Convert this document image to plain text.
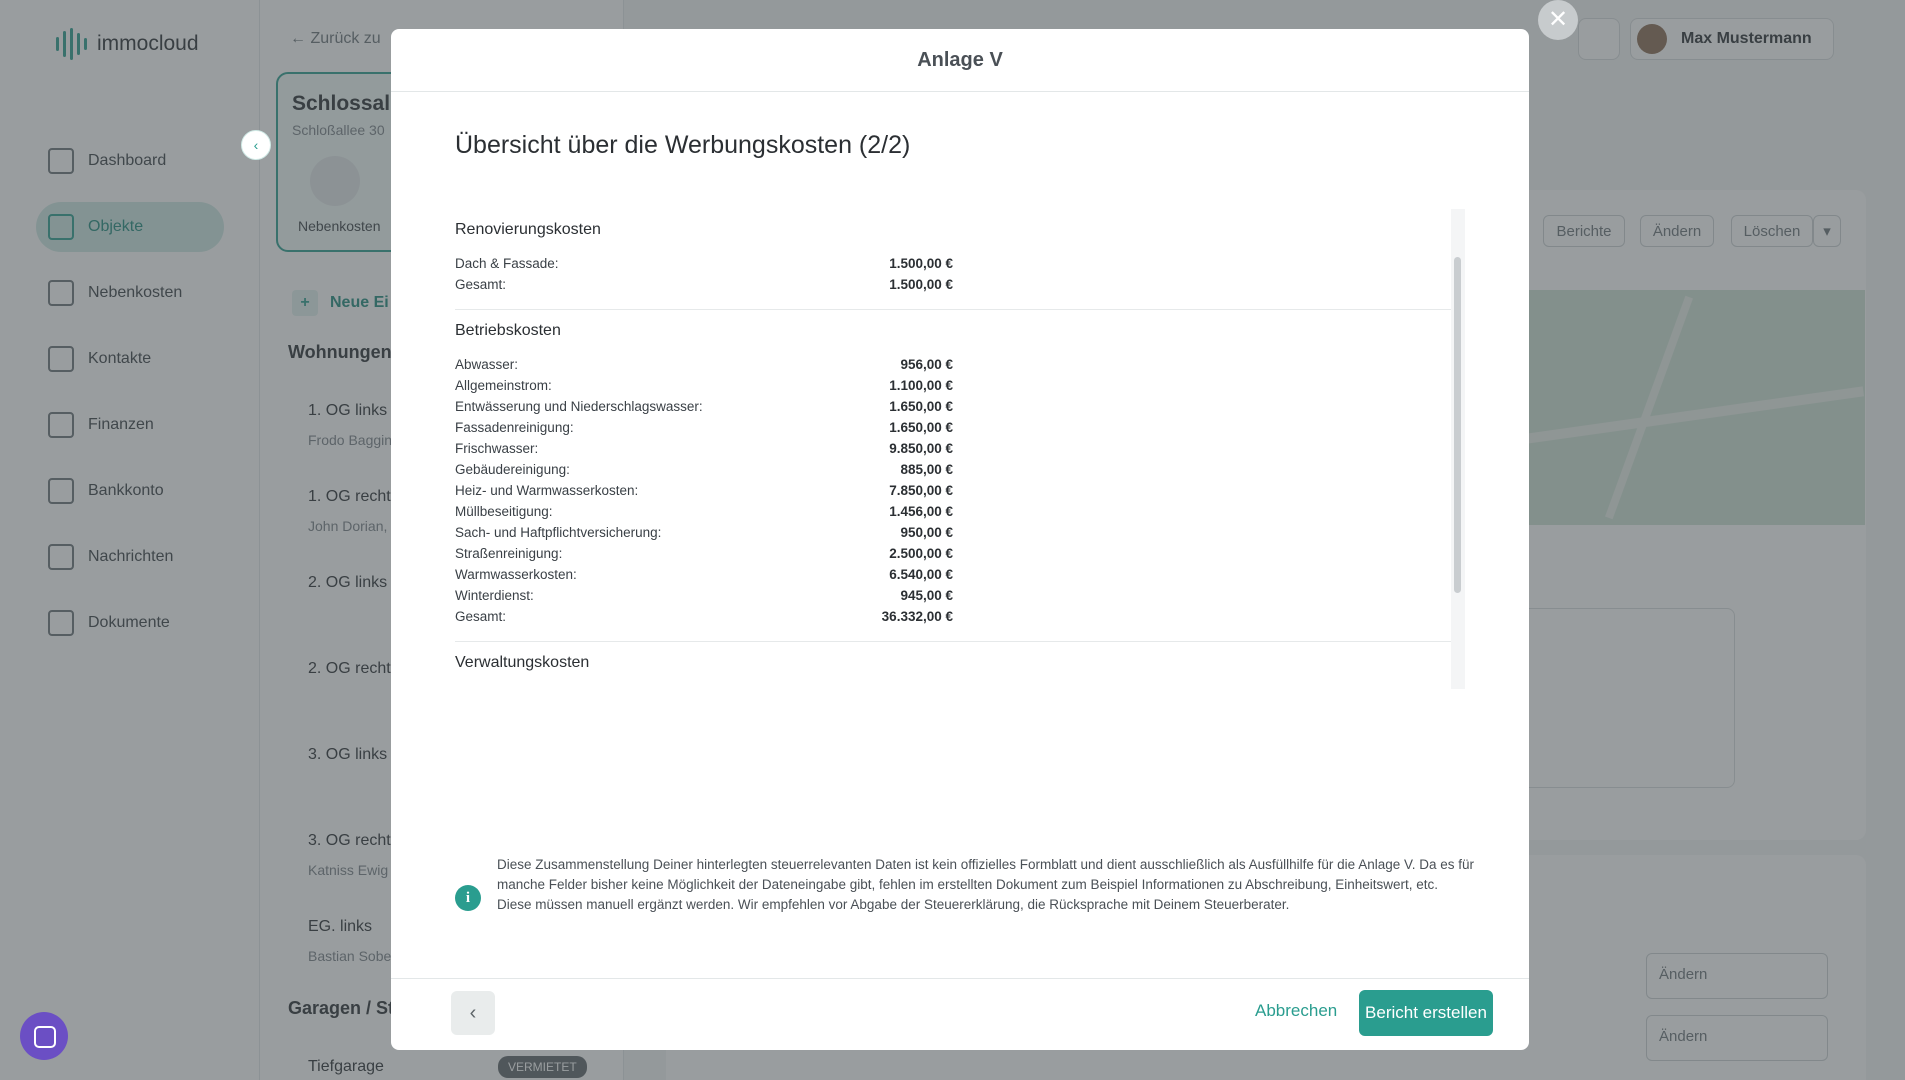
‹
✕
Anlage V
Übersicht über die Werbungskosten (2/2)
Renovierungskosten
Dach & Fassade:	1.500,00 €
Gesamt:	1.500,00 €
Betriebskosten
Abwasser:	956,00 €
Allgemeinstrom:	1.100,00 €
Entwässerung und Niederschlagswasser:	1.650,00 €
Fassadenreinigung:	1.650,00 €
Frischwasser:	9.850,00 €
Gebäudereinigung:	885,00 €
Heiz- und Warmwasserkosten:	7.850,00 €
Müllbeseitigung:	1.456,00 €
Sach- und Haftpflichtversicherung:	950,00 €
Straßenreinigung:	2.500,00 €
Warmwasserkosten:	6.540,00 €
Winterdienst:	945,00 €
Gesamt:	36.332,00 €
Verwaltungskosten
i
Diese Zusammenstellung Deiner hinterlegten steuerrelevanten Daten ist kein offizielles Formblatt und dient ausschließlich als Ausfüllhilfe für die Anlage V. Da es für manche Felder bisher keine Möglichkeit der Dateneingabe gibt, fehlen im erstellten Dokument zum Beispiel Informationen zu Abschreibung, Einheitswert, etc. Diese müssen manuell ergänzt werden. Wir empfehlen vor Abgabe der Steuererklärung, die Rücksprache mit Deinem Steuerberater.
‹	Abbrechen	Bericht erstellen
